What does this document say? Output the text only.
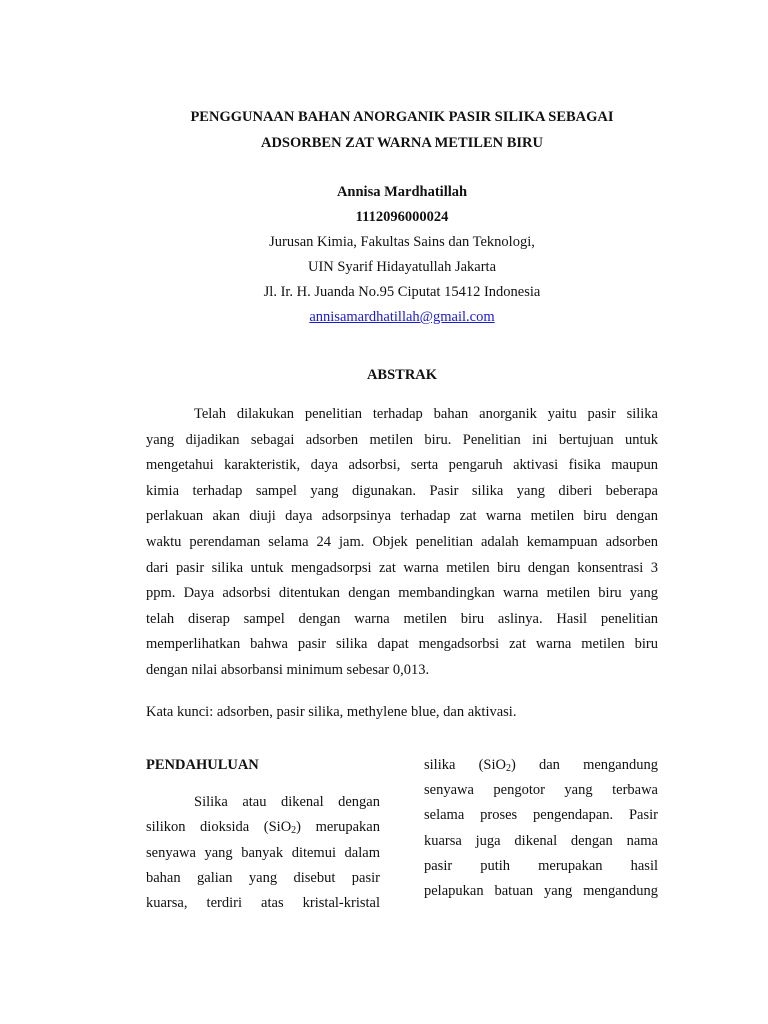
PENGGUNAAN BAHAN ANORGANIK PASIR SILIKA SEBAGAI
ADSORBEN ZAT WARNA METILEN BIRU
Annisa Mardhatillah
1112096000024
Jurusan Kimia, Fakultas Sains dan Teknologi,
UIN Syarif Hidayatullah Jakarta
Jl. Ir. H. Juanda No.95 Ciputat 15412 Indonesia
annisamardhatillah@gmail.com
ABSTRAK
Telah dilakukan penelitian terhadap bahan anorganik yaitu pasir silika
yang dijadikan sebagai adsorben metilen biru. Penelitian ini bertujuan untuk
mengetahui karakteristik, daya adsorbsi, serta pengaruh aktivasi fisika maupun
kimia terhadap sampel yang digunakan. Pasir silika yang diberi beberapa
perlakuan akan diuji daya adsorpsinya terhadap zat warna metilen biru dengan
waktu perendaman selama 24 jam. Objek penelitian adalah kemampuan adsorben
dari pasir silika untuk mengadsorpsi zat warna metilen biru dengan konsentrasi 3
ppm. Daya adsorbsi ditentukan dengan membandingkan warna metilen biru yang
telah diserap sampel dengan warna metilen biru aslinya. Hasil penelitian
memperlihatkan bahwa pasir silika dapat mengadsorbsi zat warna metilen biru
dengan nilai absorbansi minimum sebesar 0,013.

Kata kunci: adsorben, pasir silika, methylene blue, dan aktivasi.

PENDAHULUAN
Silika atau dikenal dengan
silikon dioksida (SiO$_2$) merupakan
senyawa yang banyak ditemui dalam
bahan galian yang disebut pasir
kuarsa, terdiri atas kristal-kristal
silika (SiO$_2$) dan mengandung
senyawa pengotor yang terbawa
selama proses pengendapan. Pasir
kuarsa juga dikenal dengan nama
pasir putih merupakan hasil
pelapukan batuan yang mengandung
